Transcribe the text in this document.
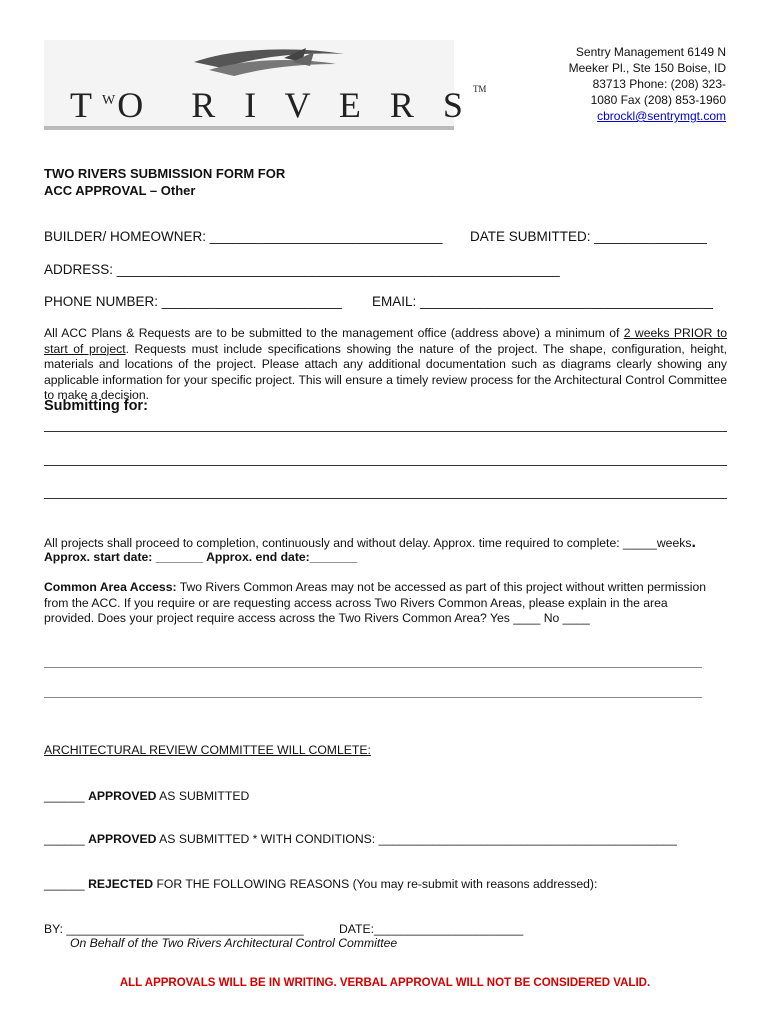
$T^WO$  R I V E R S™
Sentry Management 6149 N
Meeker Pl., Ste 150 Boise, ID
83713 Phone: (208) 323-
1080 Fax (208) 853-1960
cbrockl@sentrymgt.com
TWO RIVERS SUBMISSION FORM FOR
ACC APPROVAL – Other
BUILDER/ HOMEOWNER: _______________________________ DATE SUBMITTED: _______________
ADDRESS: ___________________________________________________________
PHONE NUMBER: ________________________ EMAIL: _______________________________________
All ACC Plans & Requests are to be submitted to the management office (address above) a minimum of 2 weeks PRIOR to start of project. Requests must include specifications showing the nature of the project. The shape, configuration, height, materials and locations of the project. Please attach any additional documentation such as diagrams clearly showing any applicable information for your specific project. This will ensure a timely review process for the Architectural Control Committee to make a decision.
Submitting for:
All projects shall proceed to completion, continuously and without delay. Approx. time required to complete: _____weeks.
Approx. start date: _______ Approx. end date:_______
Common Area Access: Two Rivers Common Areas may not be accessed as part of this project without written permission from the ACC. If you require or are requesting access across Two Rivers Common Areas, please explain in the area provided. Does your project require access across the Two Rivers Common Area? Yes ____ No ____
ARCHITECTURAL REVIEW COMMITTEE WILL COMLETE:
______ APPROVED AS SUBMITTED
______ APPROVED AS SUBMITTED * WITH CONDITIONS: ____________________________________________
______ REJECTED FOR THE FOLLOWING REASONS (You may re-submit with reasons addressed):
BY: ___________________________________	DATE:______________________
On Behalf of the Two Rivers Architectural Control Committee
ALL APPROVALS WILL BE IN WRITING. VERBAL APPROVAL WILL NOT BE CONSIDERED VALID.
